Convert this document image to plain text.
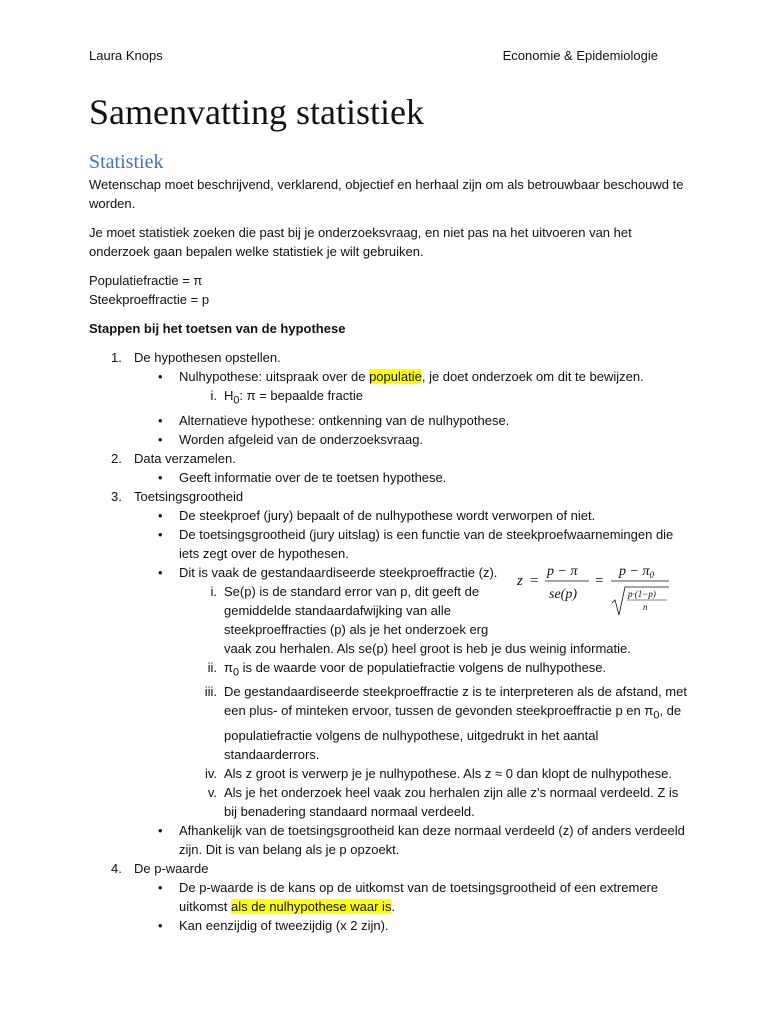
Laura Knops	Economie & Epidemiologie
Samenvatting statistiek
Statistiek

Wetenschap moet beschrijvend, verklarend, objectief en herhaal zijn om als betrouwbaar beschouwd te worden.

Je moet statistiek zoeken die past bij je onderzoeksvraag, en niet pas na het uitvoeren van het onderzoek gaan bepalen welke statistiek je wilt gebruiken.

Populatiefractie = π

Steekproeffractie = p

Stappen bij het toetsen van de hypothese

1. De hypothesen opstellen.
• Nulhypothese: uitspraak over de populatie, je doet onderzoek om dit te bewijzen.
i. $H_0$: π = bepaalde fractie
• Alternatieve hypothese: ontkenning van de nulhypothese.
• Worden afgeleid van de onderzoeksvraag.
2. Data verzamelen.
• Geeft informatie over de te toetsen hypothese.
3. Toetsingsgrootheid
• De steekproef (jury) bepaalt of de nulhypothese wordt verworpen of niet.
• De toetsingsgrootheid (jury uitslag) is een functie van de steekproefwaarnemingen die iets zegt over de hypothesen.
• Dit is vaak de gestandaardiseerde steekproeffractie (z).
i. Se(p) is de standard error van p, dit geeft de gemiddelde standaardafwijking van alle steekproeffracties (p) als je het onderzoek erg
vaak zou herhalen. Als se(p) heel groot is heb je dus weinig informatie.
ii. $\pi_0$ is de waarde voor de populatiefractie volgens de nulhypothese.
iii. De gestandaardiseerde steekproeffractie z is te interpreteren als de afstand, met een plus- of minteken ervoor, tussen de gevonden steekproeffractie p en $\pi_0$, de populatiefractie volgens de nulhypothese, uitgedrukt in het aantal standaarderrors.
iv. Als z groot is verwerp je je nulhypothese. Als z ≈ 0 dan klopt de nulhypothese.
v. Als je het onderzoek heel vaak zou herhalen zijn alle z’s normaal verdeeld. Z is bij benadering standaard normaal verdeeld.
• Afhankelijk van de toetsingsgrootheid kan deze normaal verdeeld (z) of anders verdeeld zijn. Dit is van belang als je p opzoekt.
4. De p-waarde
• De p-waarde is de kans op de uitkomst van de toetsingsgrootheid of een extremere uitkomst als de nulhypothese waar is.
• Kan eenzijdig of tweezijdig (x 2 zijn).
z =
p − π
se(p)
=
$p - \pi_0$
p·(1−p)
n
